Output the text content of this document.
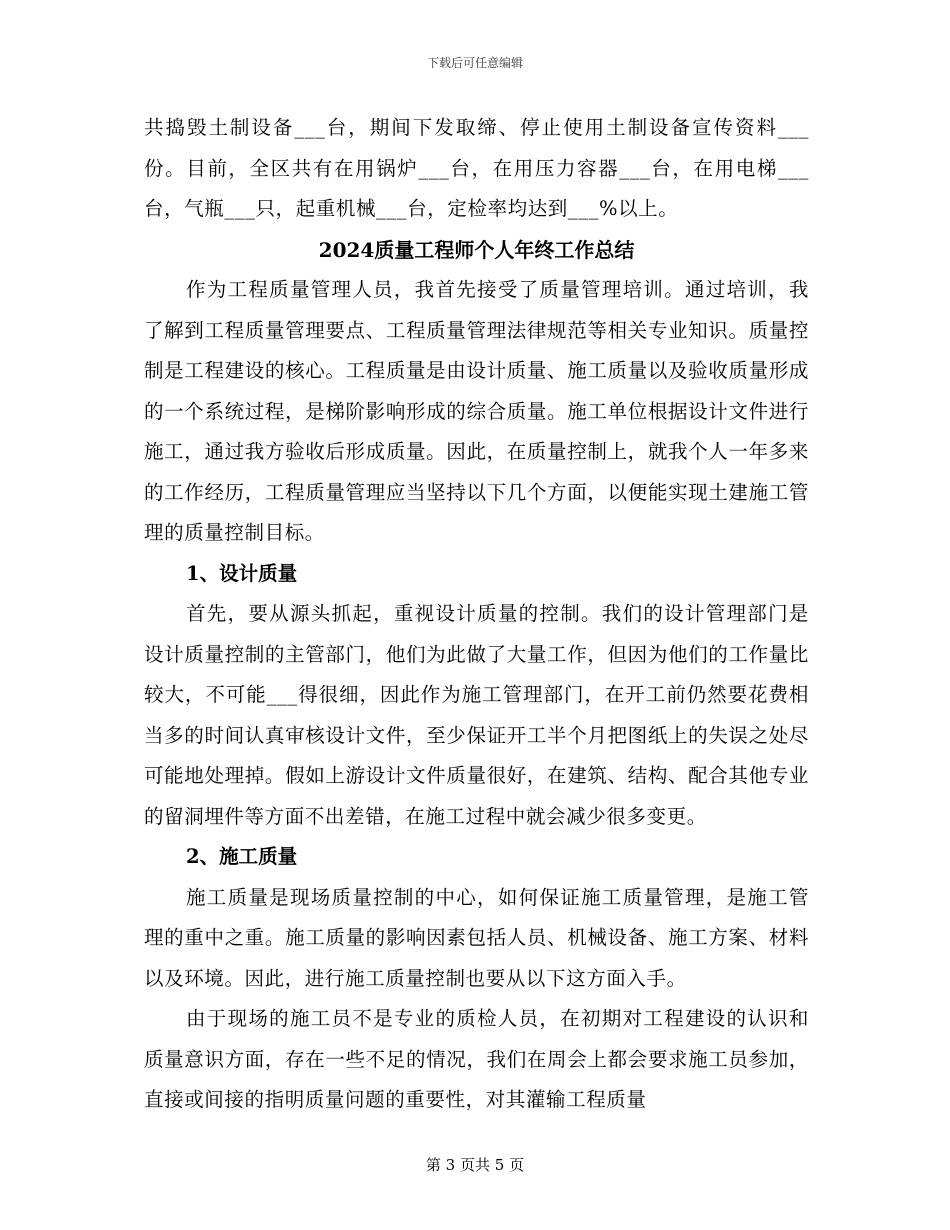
下载后可任意编辑

共捣毁土制设备___台，期间下发取缔、停止使用土制设备宣传资料___份。目前，全区共有在用锅炉___台，在用压力容器___台，在用电梯___台，气瓶___只，起重机械___台，定检率均达到___%以上。

2024质量工程师个人年终工作总结

作为工程质量管理人员，我首先接受了质量管理培训。通过培训，我了解到工程质量管理要点、工程质量管理法律规范等相关专业知识。质量控制是工程建设的核心。工程质量是由设计质量、施工质量以及验收质量形成的一个系统过程，是梯阶影响形成的综合质量。施工单位根据设计文件进行施工，通过我方验收后形成质量。因此，在质量控制上，就我个人一年多来的工作经历，工程质量管理应当坚持以下几个方面，以便能实现土建施工管理的质量控制目标。

1、设计质量

首先，要从源头抓起，重视设计质量的控制。我们的设计管理部门是设计质量控制的主管部门，他们为此做了大量工作，但因为他们的工作量比较大，不可能___得很细，因此作为施工管理部门，在开工前仍然要花费相当多的时间认真审核设计文件，至少保证开工半个月把图纸上的失误之处尽可能地处理掉。假如上游设计文件质量很好，在建筑、结构、配合其他专业的留洞埋件等方面不出差错，在施工过程中就会减少很多变更。

2、施工质量

施工质量是现场质量控制的中心，如何保证施工质量管理，是施工管理的重中之重。施工质量的影响因素包括人员、机械设备、施工方案、材料以及环境。因此，进行施工质量控制也要从以下这方面入手。

由于现场的施工员不是专业的质检人员，在初期对工程建设的认识和质量意识方面，存在一些不足的情况，我们在周会上都会要求施工员参加，直接或间接的指明质量问题的重要性，对其灌输工程质量

第 3 页共 5 页
